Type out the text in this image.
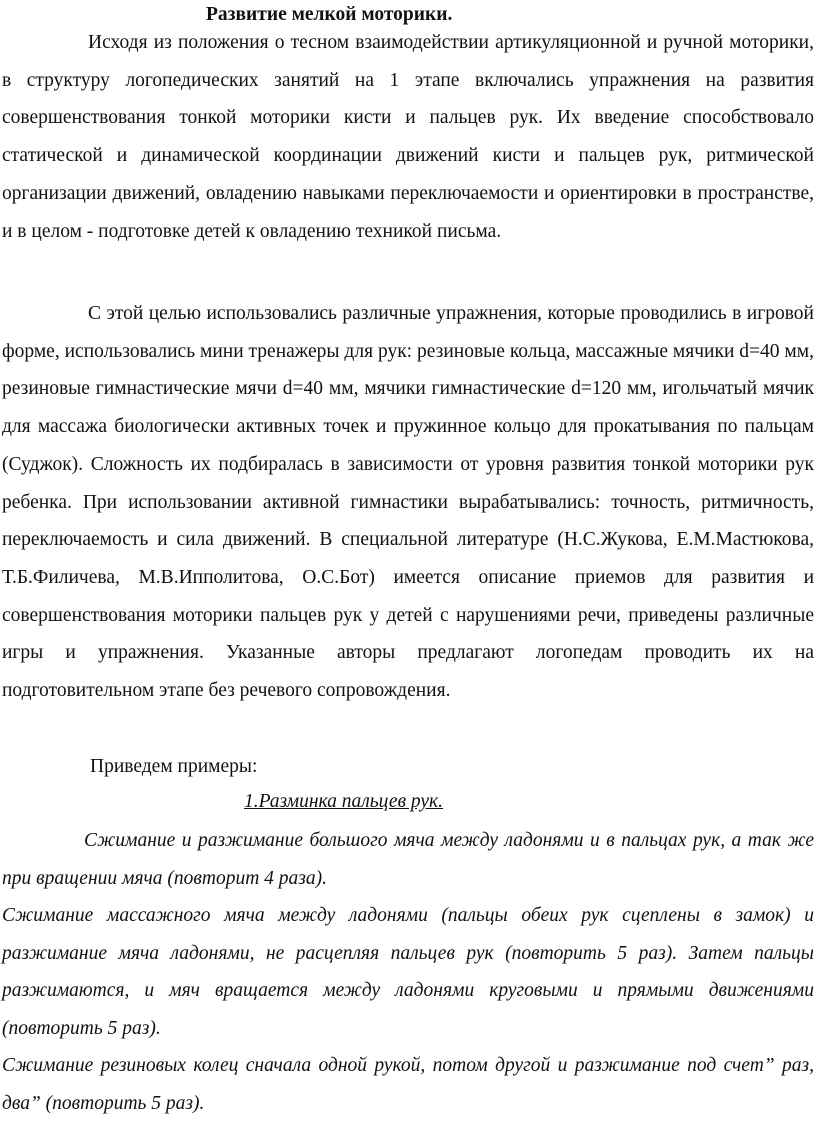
Развитие мелкой моторики.

Исходя из положения о тесном взаимодействии артикуляционной и ручной моторики, в структуру логопедических занятий на 1 этапе включались упражнения на развития совершенствования тонкой моторики кисти и пальцев рук. Их введение способствовало статической и динамической координации движений кисти и пальцев рук, ритмической организации движений, овладению навыками переключаемости и ориентировки в пространстве, и в целом - подготовке детей к овладению техникой письма.

С этой целью использовались различные упражнения, которые проводились в игровой форме, использовались мини тренажеры для рук: резиновые кольца, массажные мячики d=40 мм, резиновые гимнастические мячи d=40 мм, мячики гимнастические d=120 мм, игольчатый мячик для массажа биологически активных точек и пружинное кольцо для прокатывания по пальцам (Суджок). Сложность их подбиралась в зависимости от уровня развития тонкой моторики рук ребенка. При использовании активной гимнастики вырабатывались: точность, ритмичность, переключаемость и сила движений. В специальной литературе (Н.С.Жукова, Е.М.Мастюкова, Т.Б.Филичева, М.В.Ипполитова, О.С.Бот) имеется описание приемов для развития и совершенствования моторики пальцев рук у детей с нарушениями речи, приведены различные игры и упражнения. Указанные авторы предлагают логопедам проводить их на подготовительном этапе без речевого сопровождения.

Приведем примеры:

1.Разминка пальцев рук.

Сжимание и разжимание большого мяча между ладонями и в пальцах рук, а так же при вращении мяча (повторит 4 раза).

Сжимание массажного мяча между ладонями (пальцы обеих рук сцеплены в замок) и разжимание мяча ладонями, не расцепляя пальцев рук (повторить 5 раз). Затем пальцы разжимаются, и мяч вращается между ладонями круговыми и прямыми движениями (повторить 5 раз).

Сжимание резиновых колец сначала одной рукой, потом другой и разжимание под счет” раз, два” (повторить 5 раз).
